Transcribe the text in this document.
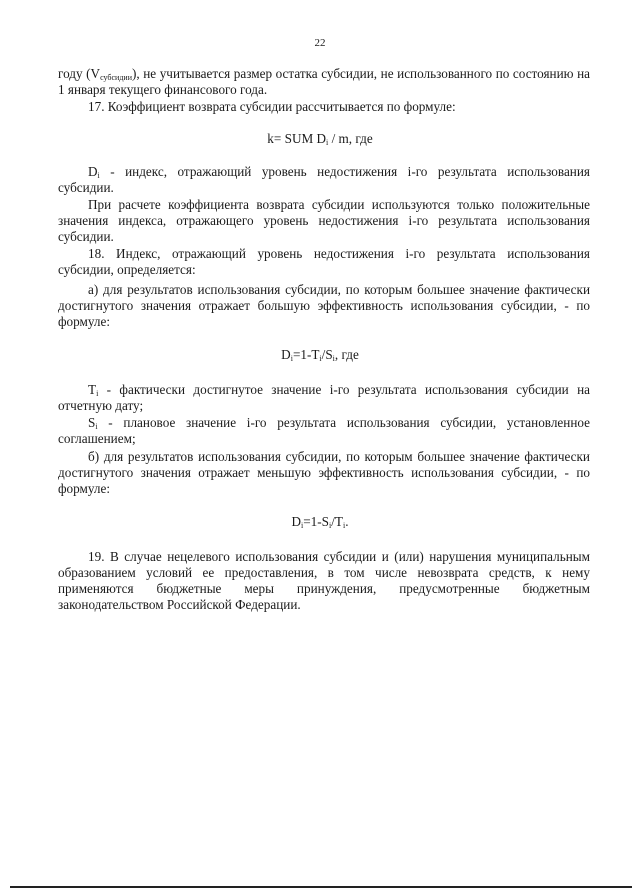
22

году $(V_{субсидии})$, не учитывается размер остатка субсидии, не использованного по состоянию на 1 января текущего финансового года.

17. Коэффициент возврата субсидии рассчитывается по формуле:

k= SUM $D_i$ / m, где

$D_i$ - индекс, отражающий уровень недостижения i-го результата использования субсидии.

При расчете коэффициента возврата субсидии используются только положительные значения индекса, отражающего уровень недостижения i-го результата использования субсидии.

18. Индекс, отражающий уровень недостижения i-го результата использования субсидии, определяется:

а) для результатов использования субсидии, по которым большее значение фактически достигнутого значения отражает большую эффективность использования субсидии, - по формуле:

$D_i=1-T_i/S_i$, где

$T_i$ - фактически достигнутое значение i-го результата использования субсидии на отчетную дату;

$S_i$ - плановое значение i-го результата использования субсидии, установленное соглашением;

б) для результатов использования субсидии, по которым большее значение фактически достигнутого значения отражает меньшую эффективность использования субсидии, - по формуле:

$D_i=1-S_i/T_i$.

19. В случае нецелевого использования субсидии и (или) нарушения муниципальным образованием условий ее предоставления, в том числе невозврата средств, к нему применяются бюджетные меры принуждения, предусмотренные бюджетным законодательством Российской Федерации.
